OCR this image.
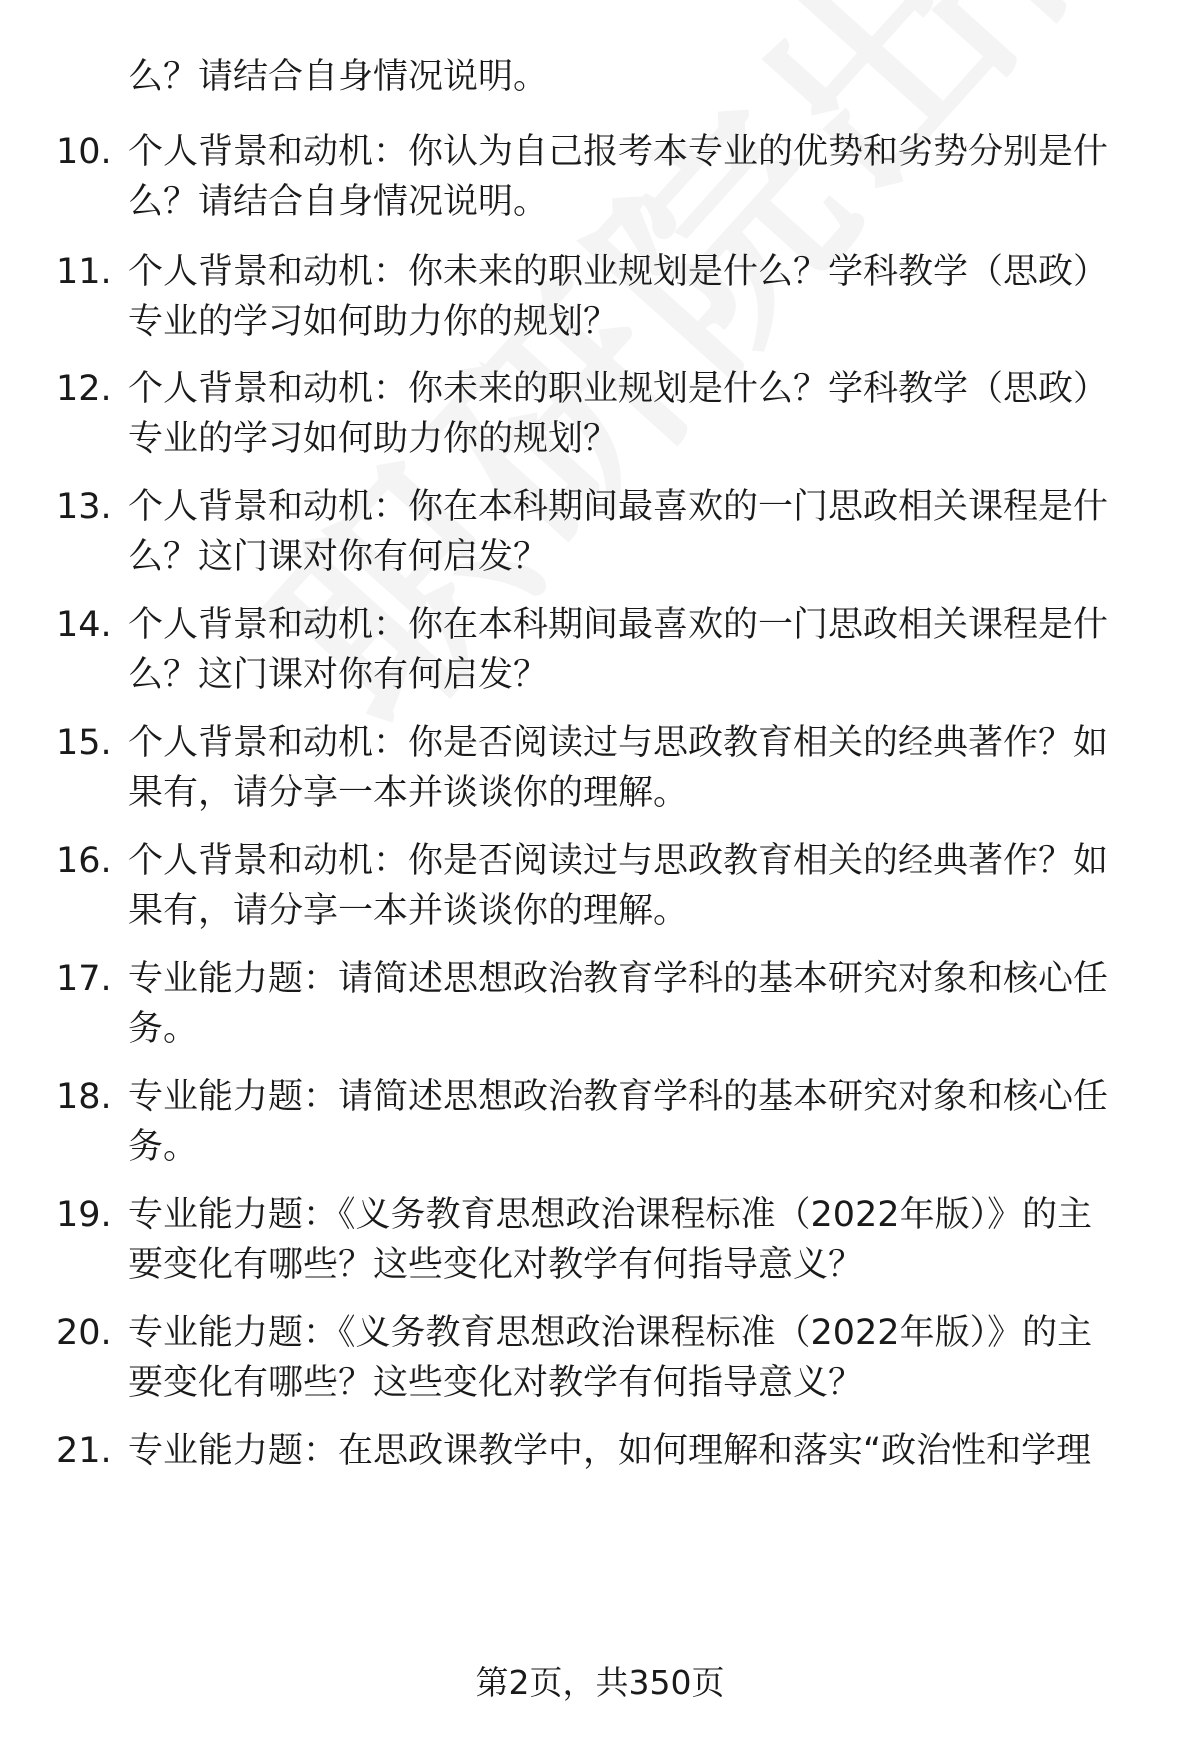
么？请结合自身情况说明。
10. 个人背景和动机：你认为自己报考本专业的优势和劣势分别是什
么？请结合自身情况说明。
11. 个人背景和动机：你未来的职业规划是什么？学科教学（思政）
专业的学习如何助力你的规划？
12. 个人背景和动机：你未来的职业规划是什么？学科教学（思政）
专业的学习如何助力你的规划？
13. 个人背景和动机：你在本科期间最喜欢的一门思政相关课程是什
么？这门课对你有何启发？
14. 个人背景和动机：你在本科期间最喜欢的一门思政相关课程是什
么？这门课对你有何启发？
15. 个人背景和动机：你是否阅读过与思政教育相关的经典著作？如
果有，请分享一本并谈谈你的理解。
16. 个人背景和动机：你是否阅读过与思政教育相关的经典著作？如
果有，请分享一本并谈谈你的理解。
17. 专业能力题：请简述思想政治教育学科的基本研究对象和核心任
务。
18. 专业能力题：请简述思想政治教育学科的基本研究对象和核心任
务。
19. 专业能力题：《义务教育思想政治课程标准（2022年版）》的主
要变化有哪些？这些变化对教学有何指导意义？
20. 专业能力题：《义务教育思想政治课程标准（2022年版）》的主
要变化有哪些？这些变化对教学有何指导意义？
21. 专业能力题：在思政课教学中，如何理解和落实“政治性和学理
第2页，共350页
